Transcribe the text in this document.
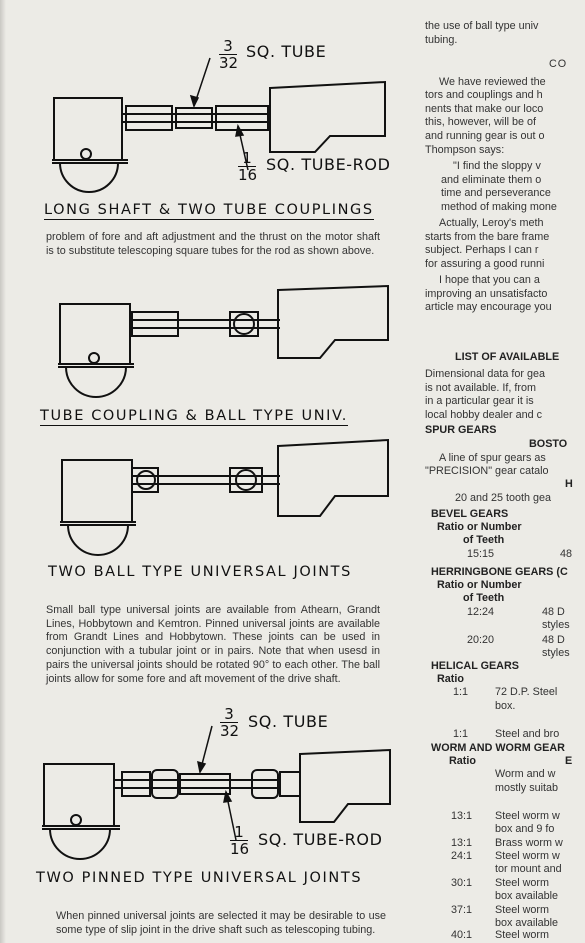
$\frac{3}{32}$ SQ. TUBE
$\frac{1}{16}$ SQ. TUBE-ROD
LONG SHAFT & TWO TUBE COUPLINGS

problem of fore and aft adjustment and the thrust on the motor shaft is to substitute telescoping square tubes for the rod as shown above.

TUBE COUPLING & BALL TYPE UNIV.
TWO BALL TYPE UNIVERSAL JOINTS

Small ball type universal joints are available from Athearn, Grandt Lines, Hobbytown and Kemtron. Pinned universal joints are available from Grandt Lines and Hobbytown. These joints can be used in conjunction with a tubular joint or in pairs. Note that when usesd in pairs the universal joints should be rotated 90° to each other. The ball joints allow for some fore and aft movement of the drive shaft.

$\frac{3}{32}$ SQ. TUBE
$\frac{1}{16}$ SQ. TUBE-ROD
TWO PINNED TYPE UNIVERSAL JOINTS

When pinned universal joints are selected it may be desirable to use some type of slip joint in the drive shaft such as telescoping tubing.

the use of ball type univ
tubing.
CO
We have reviewed the
tors and couplings and h
nents that make our loco
this, however, will be of
and running gear is out o
Thompson says:
"I find the sloppy v
and eliminate them o
time and perseverance
method of making mone
Actually, Leroy's meth
starts from the bare frame
subject. Perhaps I can r
for assuring a good runni
I hope that you can a
improving an unsatisfacto
article may encourage you
LIST OF AVAILABLE
Dimensional data for gea
is not available. If, from
in a particular gear it is
local hobby dealer and c
SPUR GEARS
BOSTO
A line of spur gears as
"PRECISION" gear catalo
H
20 and 25 tooth gea
BEVEL GEARS
Ratio or Number
of Teeth
15:15	48
HERRINGBONE GEARS (C
Ratio or Number
of Teeth
12:24	48 D
styles
20:20	48 D
styles
HELICAL GEARS
Ratio
1:1 72 D.P. Steel
box.
1:1 Steel and bro
WORM AND WORM GEAR
Ratio	E
Worm and w
mostly suitab
13:1 Steel worm w
box and 9 fo
13:1 Brass worm w
24:1 Steel worm w
tor mount and
30:1 Steel worm
box available
37:1 Steel worm
box available
40:1 Steel worm
